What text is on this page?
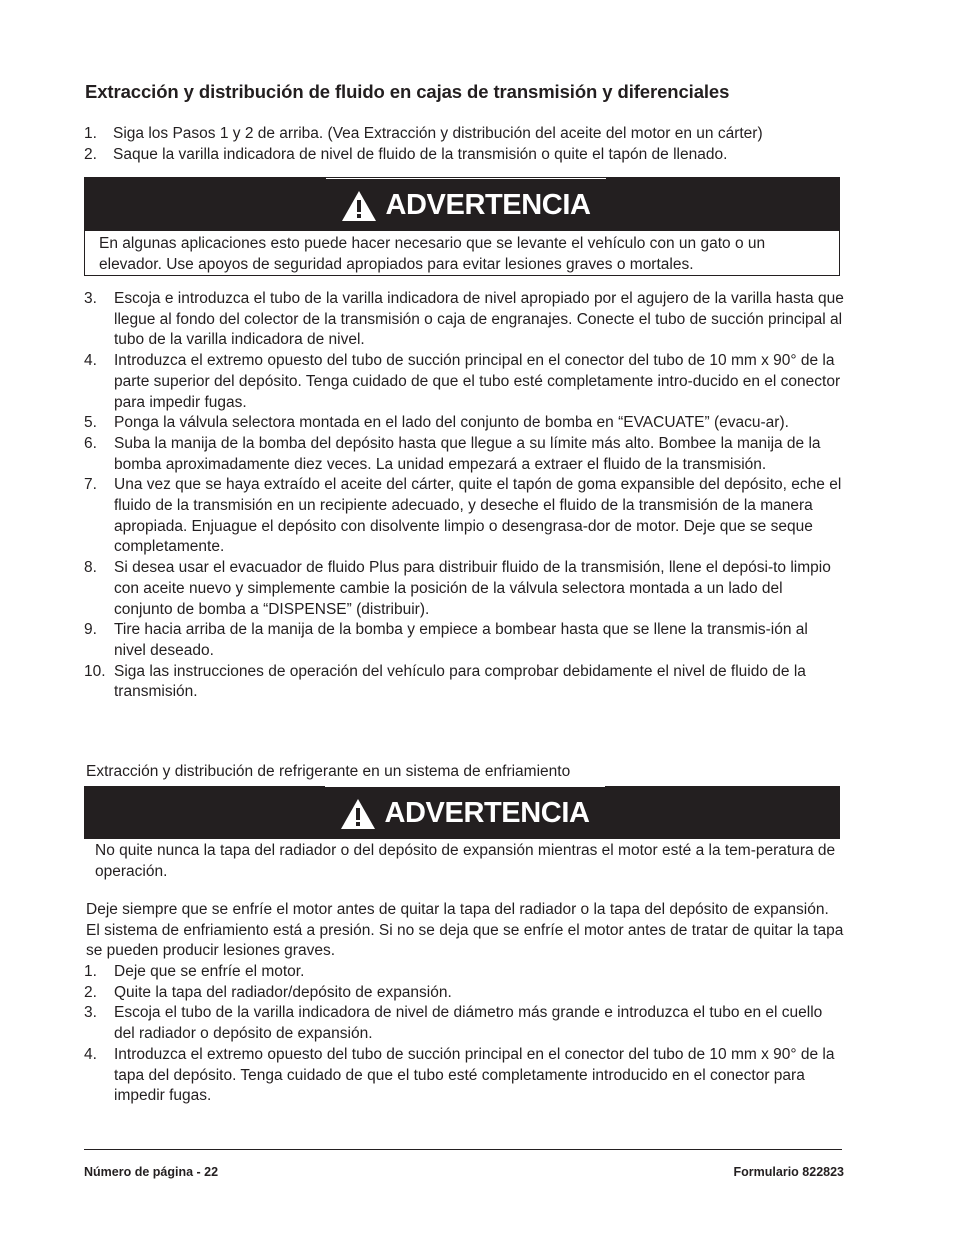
Extracción y distribución de fluido en cajas de transmisión y diferenciales
1. Siga los Pasos 1 y 2 de arriba. (Vea Extracción y distribución del aceite del motor en un cárter)
2. Saque la varilla indicadora de nivel de fluido de la transmisión o quite el tapón de llenado.
ADVERTENCIA
En algunas aplicaciones esto puede hacer necesario que se levante el vehículo con un gato o un elevador. Use apoyos de seguridad apropiados para evitar lesiones graves o mortales.
3. Escoja e introduzca el tubo de la varilla indicadora de nivel apropiado por el agujero de la varilla hasta que llegue al fondo del colector de la transmisión o caja de engranajes. Conecte el tubo de succión principal al tubo de la varilla indicadora de nivel.
4. Introduzca el extremo opuesto del tubo de succión principal en el conector del tubo de 10 mm x 90° de la parte superior del depósito. Tenga cuidado de que el tubo esté completamente intro-ducido en el conector para impedir fugas.
5. Ponga la válvula selectora montada en el lado del conjunto de bomba en “EVACUATE” (evacu-ar).
6. Suba la manija de la bomba del depósito hasta que llegue a su límite más alto. Bombee la manija de la bomba aproximadamente diez veces. La unidad empezará a extraer el fluido de la transmisión.
7. Una vez que se haya extraído el aceite del cárter, quite el tapón de goma expansible del depósito, eche el fluido de la transmisión en un recipiente adecuado, y deseche el fluido de la transmisión de la manera apropiada. Enjuague el depósito con disolvente limpio o desengrasa-dor de motor. Deje que se seque completamente.
8. Si desea usar el evacuador de fluido Plus para distribuir fluido de la transmisión, llene el depósi-to limpio con aceite nuevo y simplemente cambie la posición de la válvula selectora montada a un lado del conjunto de bomba a “DISPENSE” (distribuir).
9. Tire hacia arriba de la manija de la bomba y empiece a bombear hasta que se llene la transmis-ión al nivel deseado.
10. Siga las instrucciones de operación del vehículo para comprobar debidamente el nivel de fluido de la transmisión.

Extracción y distribución de refrigerante en un sistema de enfriamiento

ADVERTENCIA

No quite nunca la tapa del radiador o del depósito de expansión mientras el motor esté a la tem-peratura de operación.

Deje siempre que se enfríe el motor antes de quitar la tapa del radiador o la tapa del depósito de expansión. El sistema de enfriamiento está a presión. Si no se deja que se enfríe el motor antes de tratar de quitar la tapa se pueden producir lesiones graves.

1. Deje que se enfríe el motor.
2. Quite la tapa del radiador/depósito de expansión.
3. Escoja el tubo de la varilla indicadora de nivel de diámetro más grande e introduzca el tubo en el cuello del radiador o depósito de expansión.
4. Introduzca el extremo opuesto del tubo de succión principal en el conector del tubo de 10 mm x 90° de la tapa del depósito. Tenga cuidado de que el tubo esté completamente introducido en el conector para impedir fugas.
Número de página - 22	Formulario 822823
